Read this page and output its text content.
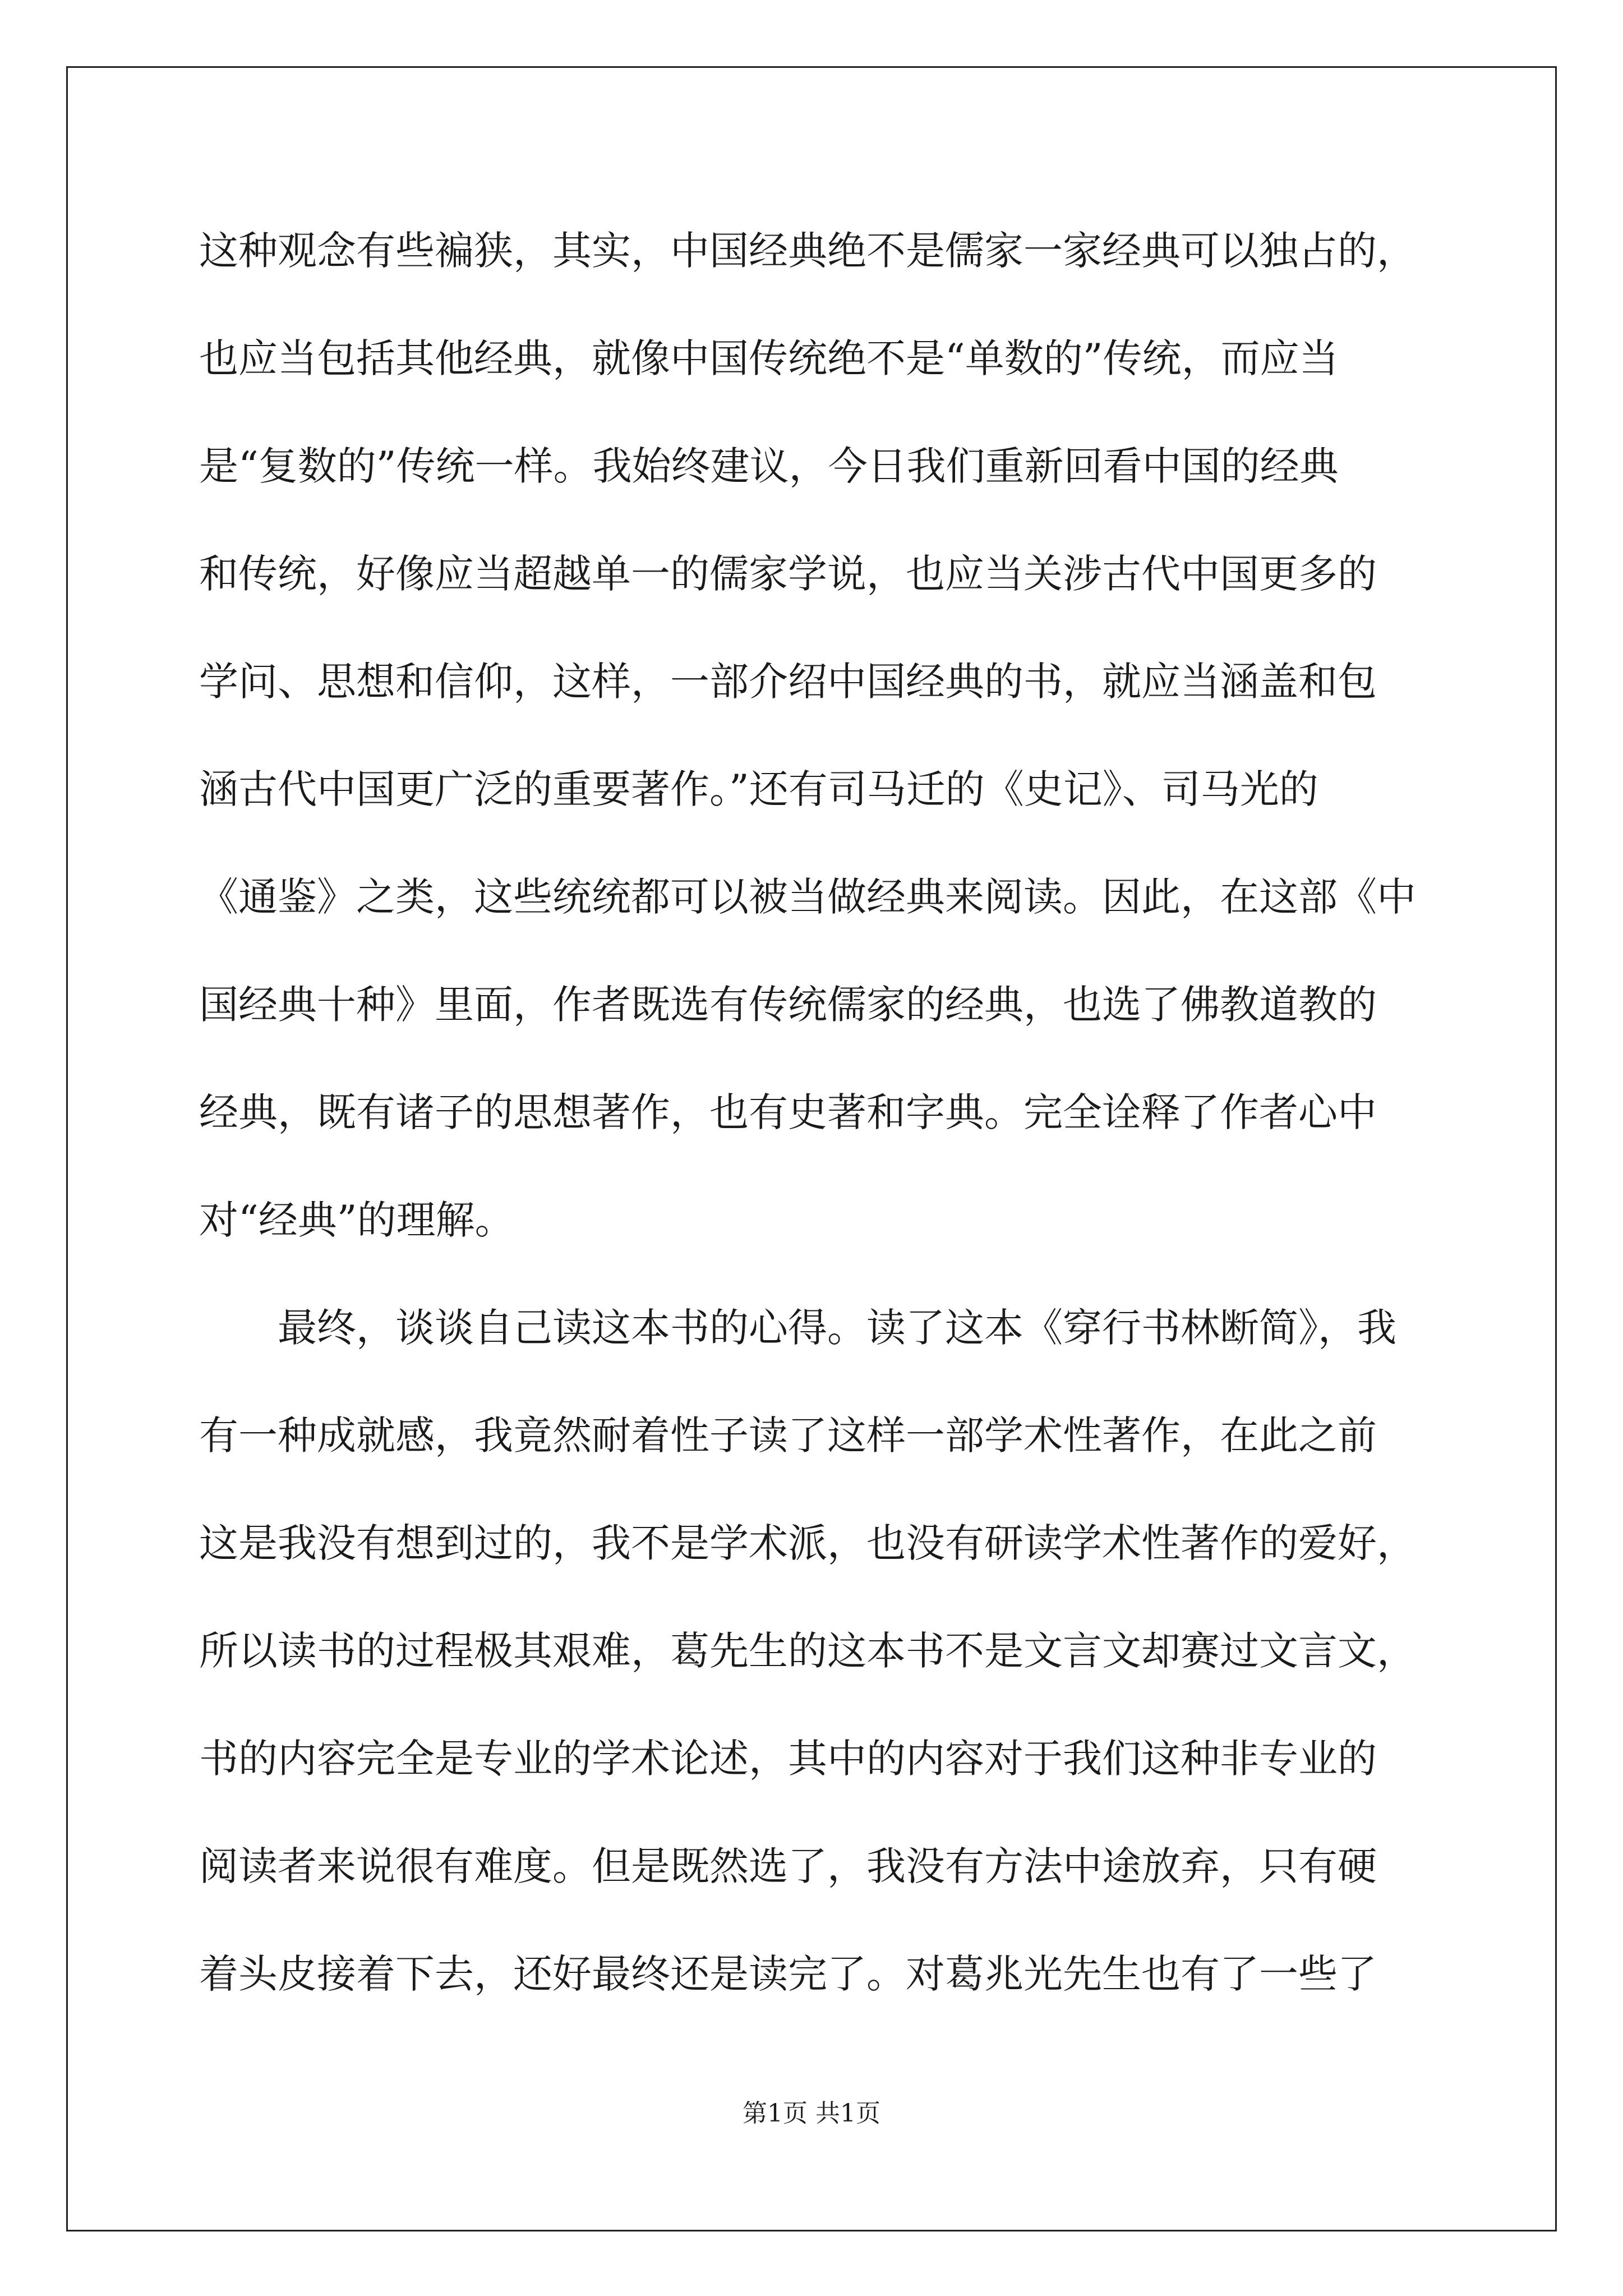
这种观念有些褊狭，其实，中国经典绝不是儒家一家经典可以独占的，
也应当包括其他经典，就像中国传统绝不是“单数的”传统，而应当
是“复数的”传统一样。我始终建议，今日我们重新回看中国的经典
和传统，好像应当超越单一的儒家学说，也应当关涉古代中国更多的
学问、思想和信仰，这样，一部介绍中国经典的书，就应当涵盖和包
涵古代中国更广泛的重要著作。”还有司马迁的《史记》、司马光的
《通鉴》之类，这些统统都可以被当做经典来阅读。因此，在这部《中
国经典十种》里面，作者既选有传统儒家的经典，也选了佛教道教的
经典，既有诸子的思想著作，也有史著和字典。完全诠释了作者心中
对“经典”的理解。
最终，谈谈自己读这本书的心得。读了这本《穿行书林断简》，我
有一种成就感，我竟然耐着性子读了这样一部学术性著作，在此之前
这是我没有想到过的，我不是学术派，也没有研读学术性著作的爱好，
所以读书的过程极其艰难，葛先生的这本书不是文言文却赛过文言文，
书的内容完全是专业的学术论述，其中的内容对于我们这种非专业的
阅读者来说很有难度。但是既然选了，我没有方法中途放弃，只有硬
着头皮接着下去，还好最终还是读完了。对葛兆光先生也有了一些了
第1页 共1页
